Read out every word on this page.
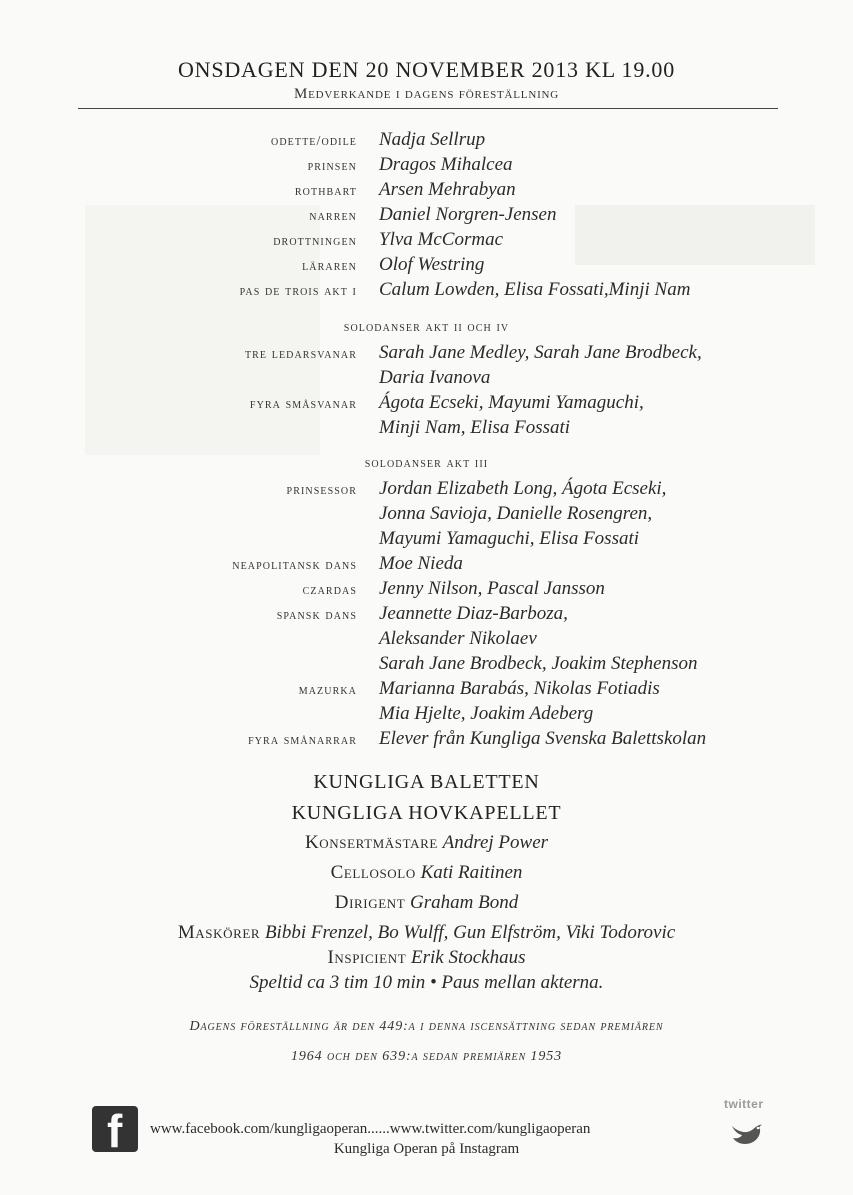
ONSDAGEN DEN 20 NOVEMBER 2013 KL 19.00
Medverkande i dagens föreställning
odette/odile Nadja Sellrup
prinsen Dragos Mihalcea
rothbart Arsen Mehrabyan
narren Daniel Norgren-Jensen
drottningen Ylva McCormac
läraren Olof Westring
pas de trois akt i Calum Lowden, Elisa Fossati,Minji Nam
solodanser akt ii och iv
tre ledarsvanar Sarah Jane Medley, Sarah Jane Brodbeck,
Daria Ivanova
fyra småsvanar Ágota Ecseki, Mayumi Yamaguchi,
Minji Nam, Elisa Fossati
solodanser akt iii
prinsessor Jordan Elizabeth Long, Ágota Ecseki,
Jonna Savioja, Danielle Rosengren,
Mayumi Yamaguchi, Elisa Fossati
neapolitansk dans Moe Nieda
czardas Jenny Nilson, Pascal Jansson
spansk dans Jeannette Diaz-Barboza,
Aleksander Nikolaev
Sarah Jane Brodbeck, Joakim Stephenson
mazurka Marianna Barabás, Nikolas Fotiadis
Mia Hjelte, Joakim Adeberg
fyra smånarrar Elever från Kungliga Svenska Balettskolan
KUNGLIGA BALETTEN
KUNGLIGA HOVKAPELLET
Konsertmästare Andrej Power
Cellosolo Kati Raitinen
Dirigent Graham Bond
Maskörer Bibbi Frenzel, Bo Wulff, Gun Elfström, Viki Todorovic
Inspicient Erik Stockhaus
Speltid ca 3 tim 10 min • Paus mellan akterna.
Dagens föreställning är den 449:a i denna iscensättning sedan premiären
1964 och den 639:a sedan premiären 1953
f www.facebook.com/kungligaoperan......www.twitter.com/kungligaoperan
Kungliga Operan på Instagram
twitter
